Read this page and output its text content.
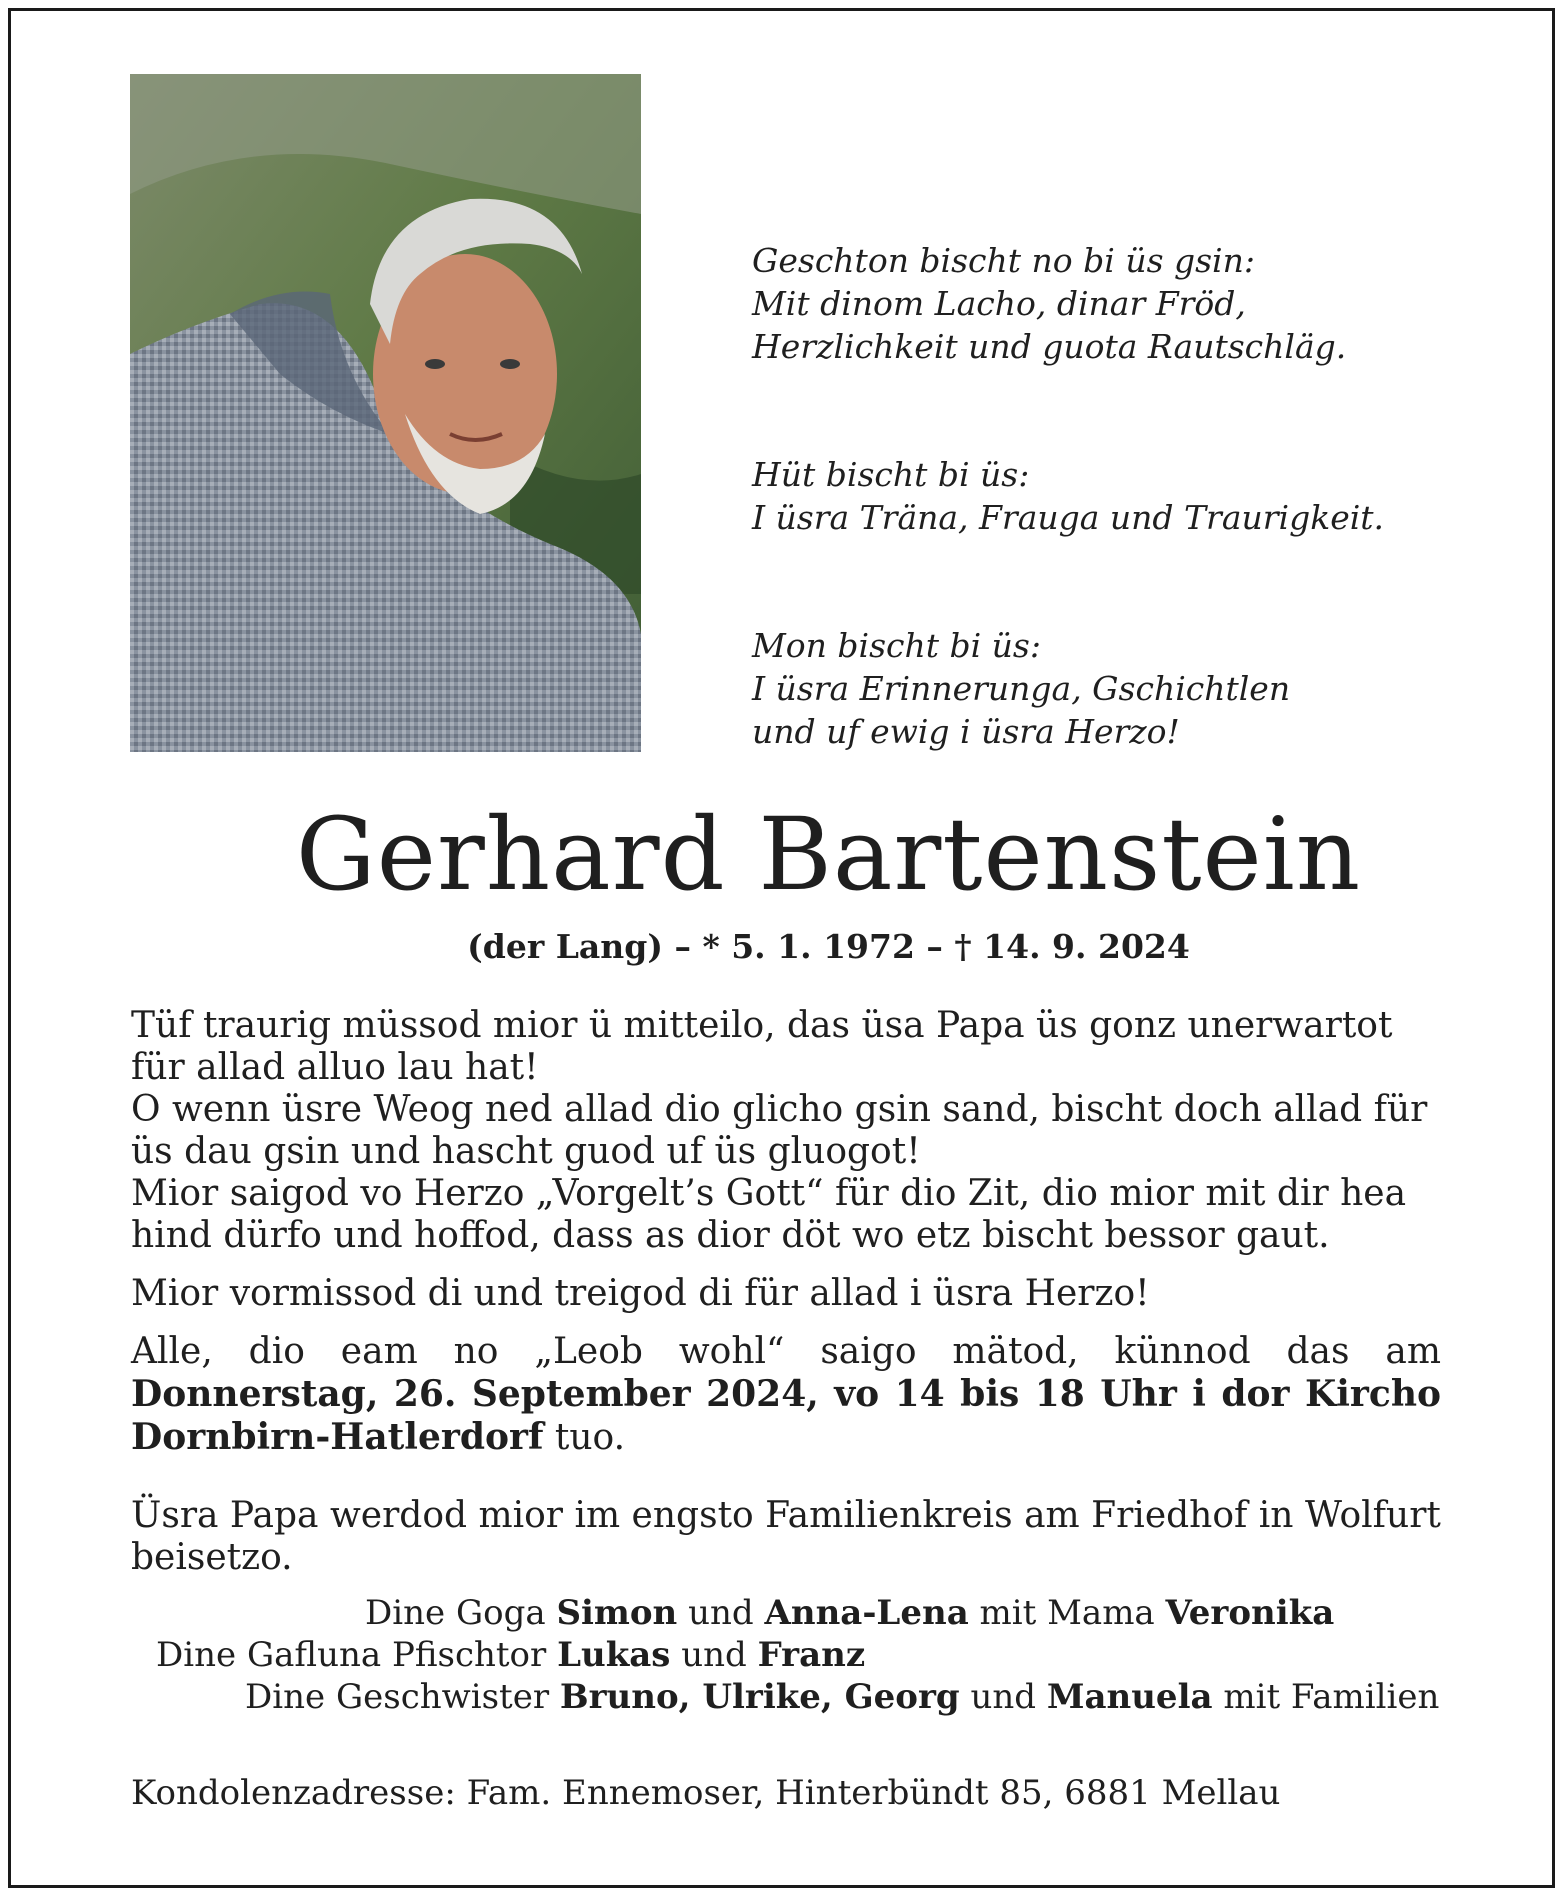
Geschton bischt no bi üs gsin:
Mit dinom Lacho, dinar Fröd,
Herzlichkeit und guota Rautschläg.

Hüt bischt bi üs:
I üsra Träna, Frauga und Traurigkeit.

Mon bischt bi üs:
I üsra Erinnerunga, Gschichtlen
und uf ewig i üsra Herzo!

Gerhard Bartenstein
(der Lang) – * 5. 1. 1972 – † 14. 9. 2024

Tüf traurig müssod mior ü mitteilo, das üsa Papa üs gonz unerwartot für allad alluo lau hat!
O wenn üsre Weog ned allad dio glicho gsin sand, bischt doch allad für üs dau gsin und hascht guod uf üs gluogot!
Mior saigod vo Herzo „Vorgelt’s Gott“ für dio Zit, dio mior mit dir hea hind dürfo und hoffod, dass as dior döt wo etz bischt bessor gaut.

Mior vormissod di und treigod di für allad i üsra Herzo!

Alle, dio eam no „Leob wohl“ saigo mätod, künnod das am Donnerstag, 26. September 2024, vo 14 bis 18 Uhr i dor Kircho Dornbirn-Hatlerdorf tuo.

Üsra Papa werdod mior im engsto Familienkreis am Friedhof in Wolfurt beisetzo.

Dine Goga Simon und Anna-Lena mit Mama Veronika
Dine Gafluna Pfischtor Lukas und Franz
Dine Geschwister Bruno, Ulrike, Georg und Manuela mit Familien
Kondolenzadresse: Fam. Ennemoser, Hinterbündt 85, 6881 Mellau
